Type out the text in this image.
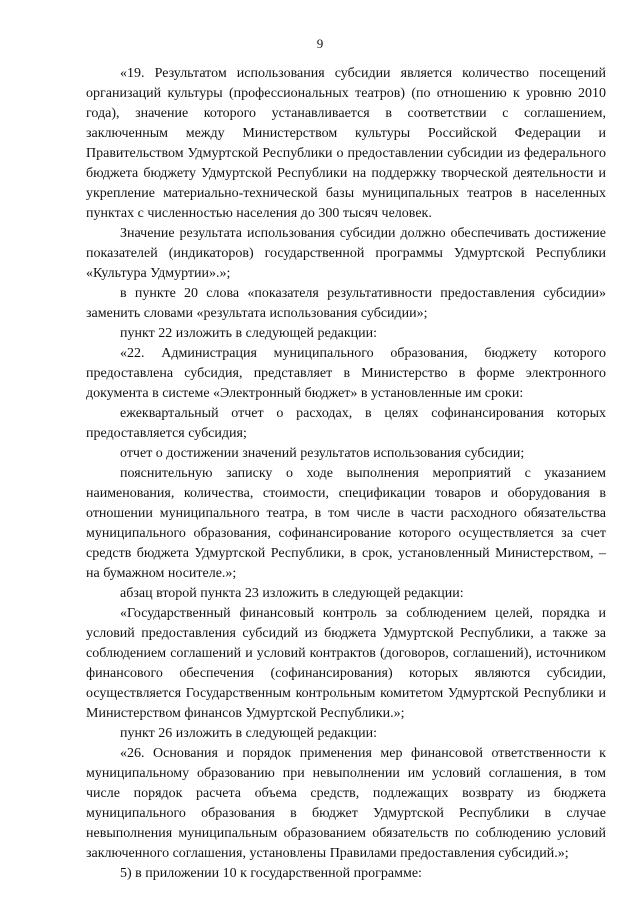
9

«19. Результатом использования субсидии является количество посещений организаций культуры (профессиональных театров) (по отношению к уровню 2010 года), значение которого устанавливается в соответствии с соглашением, заключенным между Министерством культуры Российской Федерации и Правительством Удмуртской Республики о предоставлении субсидии из федерального бюджета бюджету Удмуртской Республики на поддержку творческой деятельности и укрепление материально-технической базы муниципальных театров в населенных пунктах с численностью населения до 300 тысяч человек.

Значение результата использования субсидии должно обеспечивать достижение показателей (индикаторов) государственной программы Удмуртской Республики «Культура Удмуртии».»;

в пункте 20 слова «показателя результативности предоставления субсидии» заменить словами «результата использования субсидии»;

пункт 22 изложить в следующей редакции:

«22. Администрация муниципального образования, бюджету которого предоставлена субсидия, представляет в Министерство в форме электронного документа в системе «Электронный бюджет» в установленные им сроки:

ежеквартальный отчет о расходах, в целях софинансирования которых предоставляется субсидия;

отчет о достижении значений результатов использования субсидии;

пояснительную записку о ходе выполнения мероприятий с указанием наименования, количества, стоимости, спецификации товаров и оборудования в отношении муниципального театра, в том числе в части расходного обязательства муниципального образования, софинансирование которого осуществляется за счет средств бюджета Удмуртской Республики, в срок, установленный Министерством, – на бумажном носителе.»;

абзац второй пункта 23 изложить в следующей редакции:

«Государственный финансовый контроль за соблюдением целей, порядка и условий предоставления субсидий из бюджета Удмуртской Республики, а также за соблюдением соглашений и условий контрактов (договоров, соглашений), источником финансового обеспечения (софинансирования) которых являются субсидии, осуществляется Государственным контрольным комитетом Удмуртской Республики и Министерством финансов Удмуртской Республики.»;

пункт 26 изложить в следующей редакции:

«26. Основания и порядок применения мер финансовой ответственности к муниципальному образованию при невыполнении им условий соглашения, в том числе порядок расчета объема средств, подлежащих возврату из бюджета муниципального образования в бюджет Удмуртской Республики в случае невыполнения муниципальным образованием обязательств по соблюдению условий заключенного соглашения, установлены Правилами предоставления субсидий.»;

5) в приложении 10 к государственной программе:
